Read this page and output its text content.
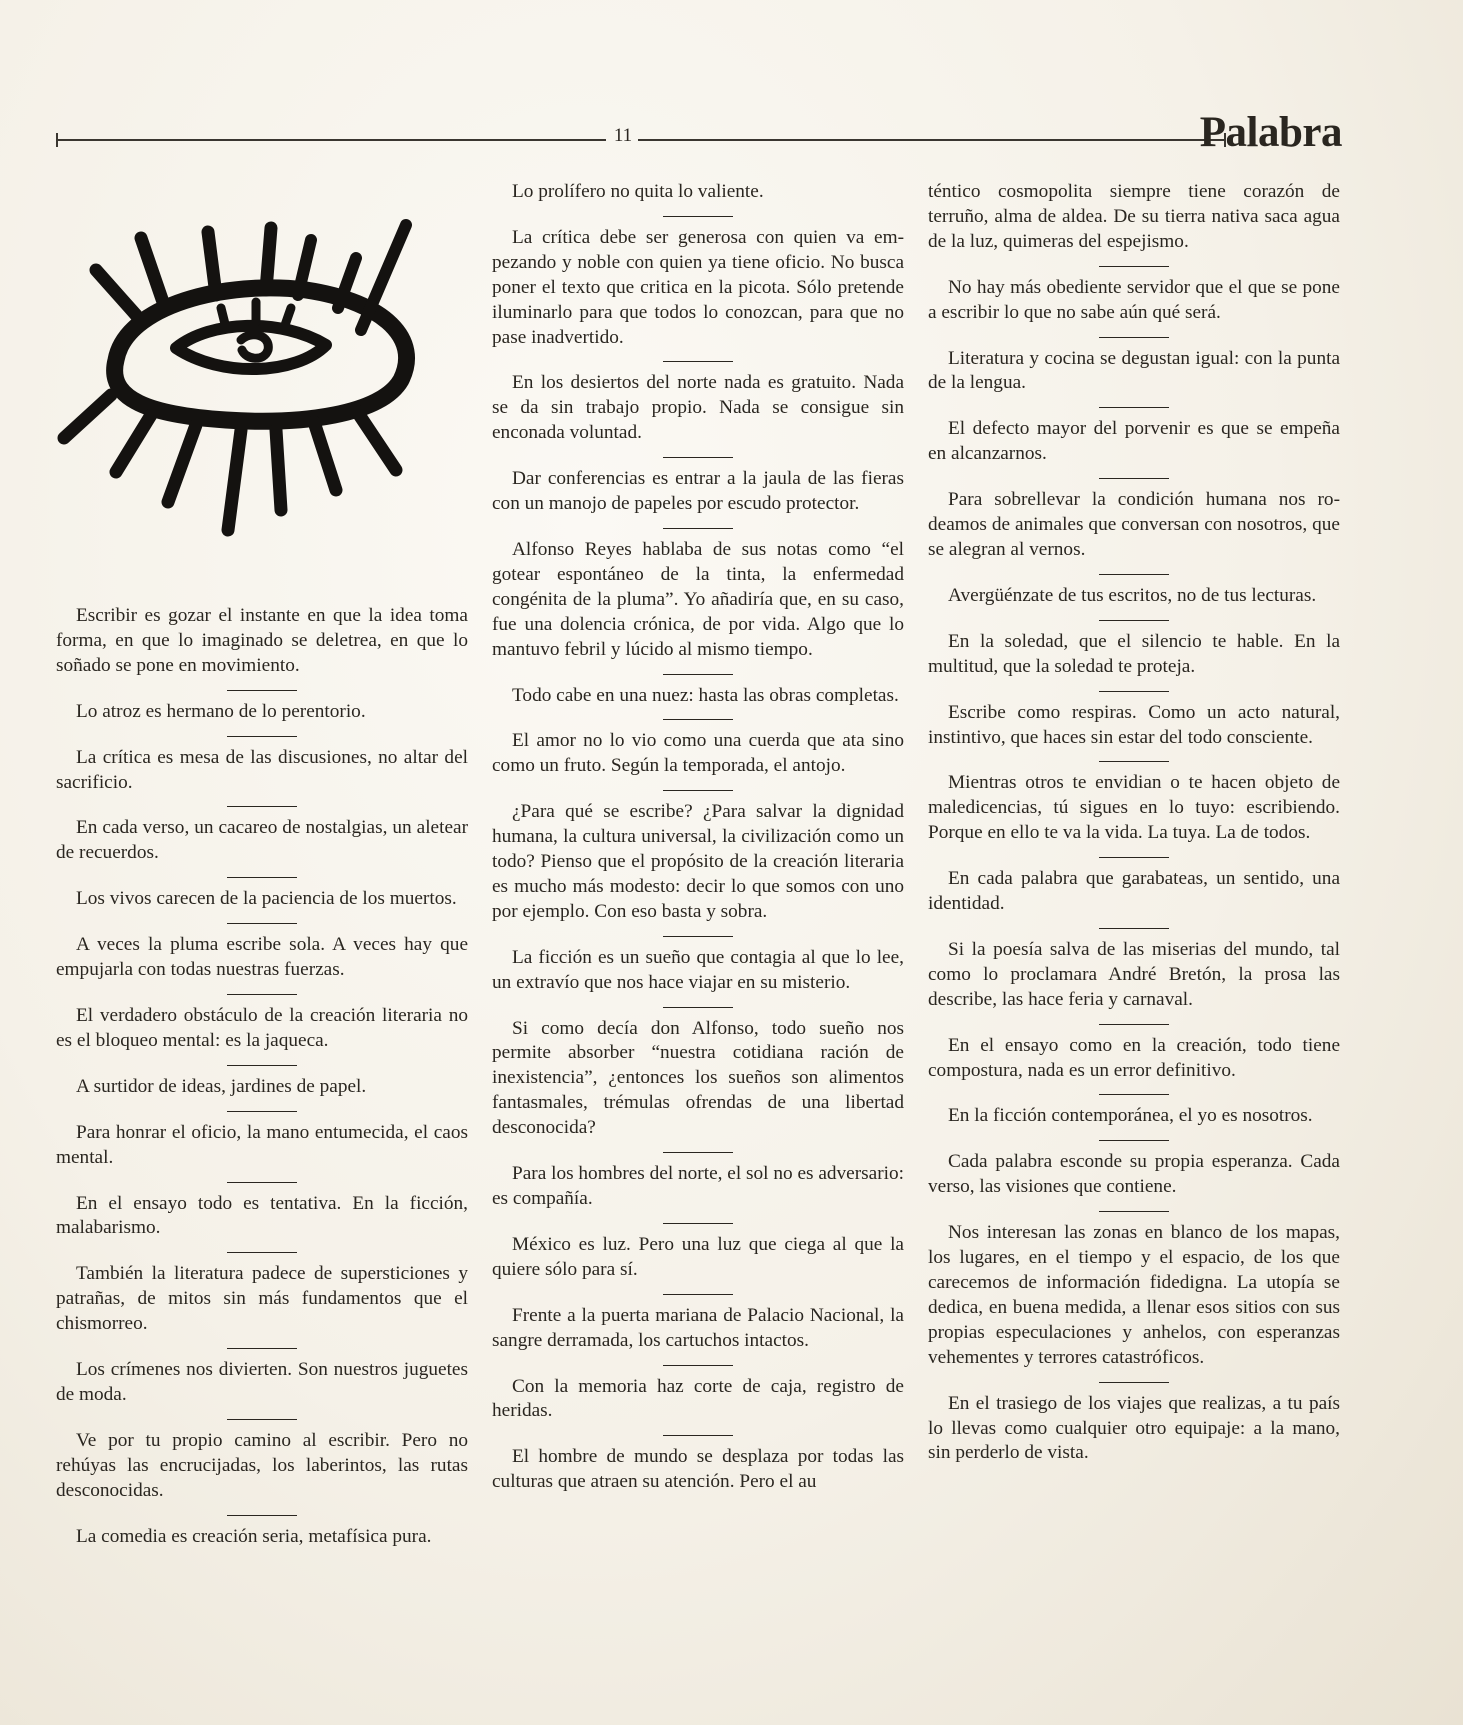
11	Palabra

Escribir es gozar el instante en que la idea toma forma, en que lo imaginado se deletrea, en que lo soñado se pone en movimiento.

Lo atroz es hermano de lo perentorio.

La crítica es mesa de las discusiones, no altar del sacrificio.

En cada verso, un cacareo de nostalgias, un aletear de recuerdos.

Los vivos carecen de la paciencia de los muertos.

A veces la pluma escribe sola. A veces hay que empujarla con todas nuestras fuerzas.

El verdadero obstáculo de la creación literaria no es el bloqueo mental: es la jaqueca.

A surtidor de ideas, jardines de papel.

Para honrar el oficio, la mano entumecida, el caos mental.

En el ensayo todo es tentativa. En la ficción, malabarismo.

También la literatura padece de supersticiones y patrañas, de mitos sin más fundamentos que el chismorreo.

Los crímenes nos divierten. Son nuestros juguetes de moda.

Ve por tu propio camino al escribir. Pero no rehúyas las encrucijadas, los laberintos, las rutas desconocidas.

La comedia es creación seria, metafísica pura.

Lo prolífero no quita lo valiente.

La crítica debe ser generosa con quien va empezando y noble con quien ya tiene oficio. No busca poner el texto que critica en la picota. Sólo pretende iluminarlo para que todos lo conozcan, para que no pase inadvertido.

En los desiertos del norte nada es gratuito. Nada se da sin trabajo propio. Nada se consigue sin enconada voluntad.

Dar conferencias es entrar a la jaula de las fieras con un manojo de papeles por escudo protector.

Alfonso Reyes hablaba de sus notas como “el gotear espontáneo de la tinta, la enfermedad congénita de la pluma”. Yo añadiría que, en su caso, fue una dolencia crónica, de por vida. Algo que lo mantuvo febril y lúcido al mismo tiempo.

Todo cabe en una nuez: hasta las obras completas.

El amor no lo vio como una cuerda que ata sino como un fruto. Según la temporada, el antojo.

¿Para qué se escribe? ¿Para salvar la dignidad humana, la cultura universal, la civilización como un todo? Pienso que el propósito de la creación literaria es mucho más modesto: decir lo que somos con uno por ejemplo. Con eso basta y sobra.

La ficción es un sueño que contagia al que lo lee, un extravío que nos hace viajar en su misterio.

Si como decía don Alfonso, todo sueño nos permite absorber “nuestra cotidiana ración de inexistencia”, ¿entonces los sueños son alimentos fantasmales, trémulas ofrendas de una libertad desconocida?

Para los hombres del norte, el sol no es adversario: es compañía.

México es luz. Pero una luz que ciega al que la quiere sólo para sí.

Frente a la puerta mariana de Palacio Nacional, la sangre derramada, los cartuchos intactos.

Con la memoria haz corte de caja, registro de heridas.

El hombre de mundo se desplaza por todas las culturas que atraen su atención. Pero el au

téntico cosmopolita siempre tiene corazón de terruño, alma de aldea. De su tierra nativa saca agua de la luz, quimeras del espejismo.

No hay más obediente servidor que el que se pone a escribir lo que no sabe aún qué será.

Literatura y cocina se degustan igual: con la punta de la lengua.

El defecto mayor del porvenir es que se empeña en alcanzarnos.

Para sobrellevar la condición humana nos rodeamos de animales que conversan con nosotros, que se alegran al vernos.

Avergüénzate de tus escritos, no de tus lecturas.

En la soledad, que el silencio te hable. En la multitud, que la soledad te proteja.

Escribe como respiras. Como un acto natural, instintivo, que haces sin estar del todo consciente.

Mientras otros te envidian o te hacen objeto de maledicencias, tú sigues en lo tuyo: escribiendo. Porque en ello te va la vida. La tuya. La de todos.

En cada palabra que garabateas, un sentido, una identidad.

Si la poesía salva de las miserias del mundo, tal como lo proclamara André Bretón, la prosa las describe, las hace feria y carnaval.

En el ensayo como en la creación, todo tiene compostura, nada es un error definitivo.

En la ficción contemporánea, el yo es nosotros.

Cada palabra esconde su propia esperanza. Cada verso, las visiones que contiene.

Nos interesan las zonas en blanco de los mapas, los lugares, en el tiempo y el espacio, de los que carecemos de información fidedigna. La utopía se dedica, en buena medida, a llenar esos sitios con sus propias especulaciones y anhelos, con esperanzas vehementes y terrores catastróficos.

En el trasiego de los viajes que realizas, a tu país lo llevas como cualquier otro equipaje: a la mano, sin perderlo de vista.
